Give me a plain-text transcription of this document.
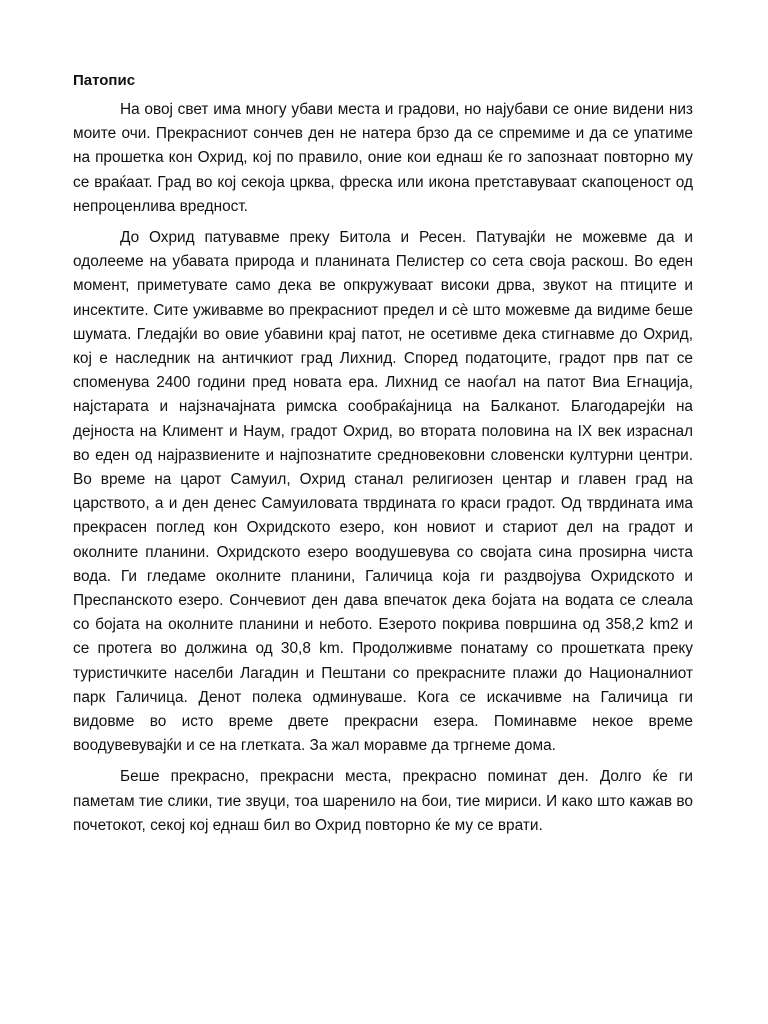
Патопис

На овој свет има многу убави места и градови, но најубави се оние видени низ моите очи. Прекрасниот сончев ден не натера брзо да се спремиме и да се упатиме на прошетка кон Охрид, кој по правило, оние кои еднаш ќе го запознаат повторно му се враќаат. Град во кој секоја црква, фреска или икона претставуваат скапоценост од непроценлива вредност.

До Охрид патувавме преку Битола и Ресен. Патувајќи не можевме да и одолееме на убавата природа и планината Пелистер со сета своја раскош. Во еден момент, приметувате само дека ве опкружуваат високи дрва, звукот на птиците и инсектите. Сите уживавме во прекрасниот предел и сѐ што можевме да видиме беше шумата. Гледајќи во овие убавини крај патот, не осетивме дека стигнавме до Охрид, кој е наследник на античкиот град Лихнид. Според податоците, градот прв пат се споменува 2400 години пред новата ера. Лихнид се наоѓал на патот Виа Егнација, најстарата и најзначајната римска сообраќајница на Балканот. Благодарејќи на дејноста на Климент и Наум, градот Охрид, во втората половина на IX век израснал во еден од најразвиените и најпознатите средновековни словенски културни центри. Во време на царот Самуил, Охрид станал религиозен центар и главен град на царството, а и ден денес Самуиловата тврдината го краси градот. Од тврдината има прекрасен поглед кон Охридското езеро, кон новиот и стариот дел на градот и околните планини. Охридското езеро воодушевува со својата сина проѕирна чиста вода. Ги гледаме околните планини, Галичица која ги раздвојува Охридското и Преспанското езеро. Сончевиот ден дава впечаток дека бојата на водата се слеала со бојата на околните планини и небото. Езерото покрива површина од 358,2 km2 и се протега во должина од 30,8 km. Продолживме понатаму со прошетката преку туристичките населби Лагадин и Пештани со прекрасните плажи до Националниот парк Галичица. Денот полека одминуваше. Кога се искачивме на Галичица ги видовме во исто време двете прекрасни езера. Поминавме некое време воодувевувајќи и се на глетката. За жал моравме да тргнеме дома.

Беше прекрасно, прекрасни места, прекрасно поминат ден. Долго ќе ги паметам тие слики, тие звуци, тоа шаренило на бои, тие мириси. И како што кажав во почетокот, секој кој еднаш бил во Охрид повторно ќе му се врати.
